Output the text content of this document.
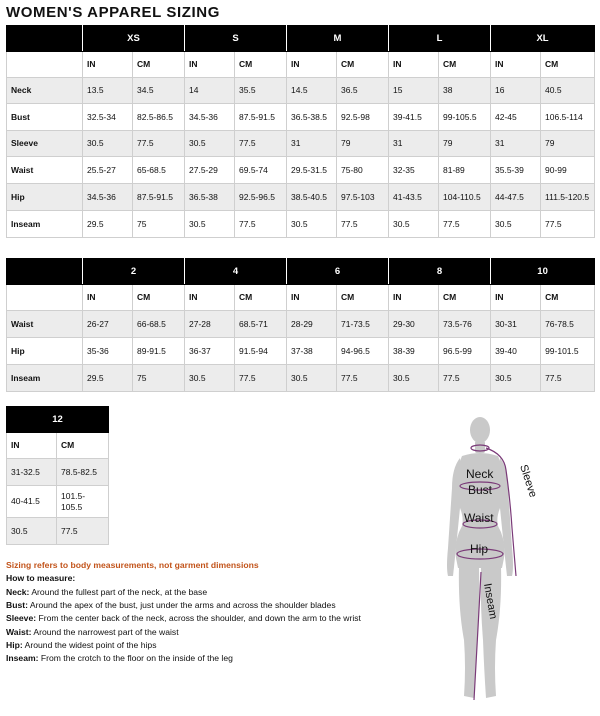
WOMEN'S APPAREL SIZING
	XS		S		M		L		XL	
	IN	CM	IN	CM	IN	CM	IN	CM	IN	CM
Neck	13.5	34.5	14	35.5	14.5	36.5	15	38	16	40.5
Bust	32.5-34	82.5-86.5	34.5-36	87.5-91.5	36.5-38.5	92.5-98	39-41.5	99-105.5	42-45	106.5-114
Sleeve	30.5	77.5	30.5	77.5	31	79	31	79	31	79
Waist	25.5-27	65-68.5	27.5-29	69.5-74	29.5-31.5	75-80	32-35	81-89	35.5-39	90-99
Hip	34.5-36	87.5-91.5	36.5-38	92.5-96.5	38.5-40.5	97.5-103	41-43.5	104-110.5	44-47.5	111.5-120.5
Inseam	29.5	75	30.5	77.5	30.5	77.5	30.5	77.5	30.5	77.5
	2		4		6		8		10	
	IN	CM	IN	CM	IN	CM	IN	CM	IN	CM
Waist	26-27	66-68.5	27-28	68.5-71	28-29	71-73.5	29-30	73.5-76	30-31	76-78.5
Hip	35-36	89-91.5	36-37	91.5-94	37-38	94-96.5	38-39	96.5-99	39-40	99-101.5
Inseam	29.5	75	30.5	77.5	30.5	77.5	30.5	77.5	30.5	77.5
12	
IN	CM
31-32.5	78.5-82.5
40-41.5	101.5-105.5
30.5	77.5
Sizing refers to body measurements, not garment dimensions
How to measure:
Neck: Around the fullest part of the neck, at the base
Bust: Around the apex of the bust, just under the arms and across the shoulder blades
Sleeve: From the center back of the neck, across the shoulder, and down the arm to the wrist
Waist: Around the narrowest part of the waist
Hip: Around the widest point of the hips
Inseam: From the crotch to the floor on the inside of the leg
Neck
Bust
Waist
Hip
Inseam
Sleeve
